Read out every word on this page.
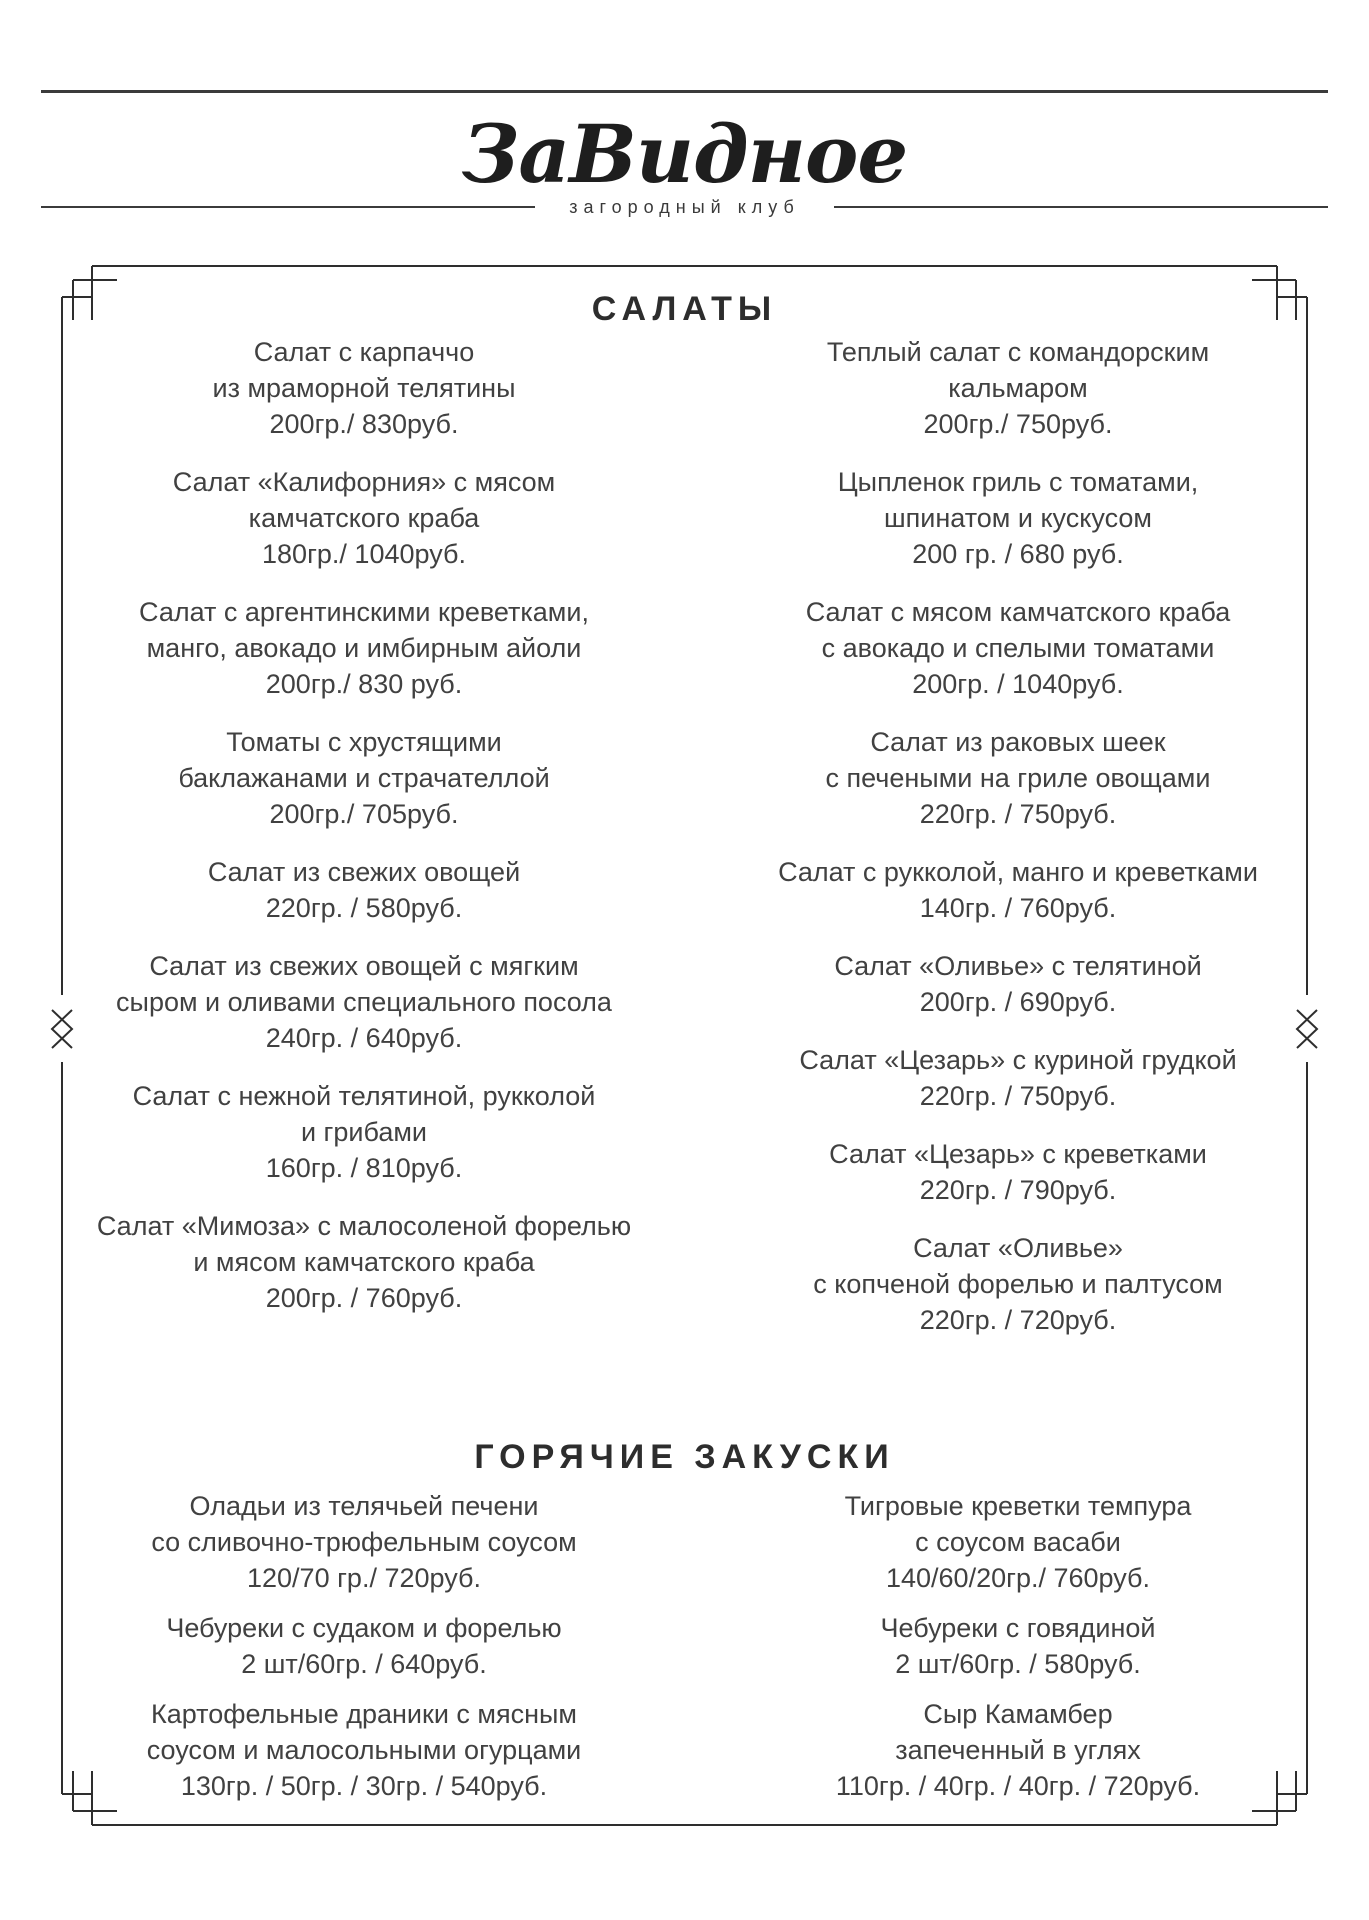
ЗаВидное
загородный клуб
САЛАТЫ
Салат с карпаччо
из мраморной телятины
200гр./ 830руб.
Салат «Калифорния» с мясом
камчатского краба
180гр./ 1040руб.
Салат с аргентинскими креветками,
манго, авокадо и имбирным айоли
200гр./ 830 руб.
Томаты с хрустящими
баклажанами и страчателлой
200гр./ 705руб.
Салат из свежих овощей
220гр. / 580руб.
Салат из свежих овощей с мягким
сыром и оливами специального посола
240гр. / 640руб.
Салат с нежной телятиной, рукколой
и грибами
160гр. / 810руб.
Салат «Мимоза» с малосоленой форелью
и мясом камчатского краба
200гр. / 760руб.
Теплый салат с командорским
кальмаром
200гр./ 750руб.
Цыпленок гриль с томатами,
шпинатом и кускусом
200 гр. / 680 руб.
Салат с мясом камчатского краба
с авокадо и спелыми томатами
200гр. / 1040руб.
Салат из раковых шеек
с печеными на гриле овощами
220гр. / 750руб.
Салат с рукколой, манго и креветками
140гр. / 760руб.
Салат «Оливье» с телятиной
200гр. / 690руб.
Салат «Цезарь» с куриной грудкой
220гр. / 750руб.
Салат «Цезарь» с креветками
220гр. / 790руб.
Салат «Оливье»
с копченой форелью и палтусом
220гр. / 720руб.
ГОРЯЧИЕ ЗАКУСКИ
Оладьи из телячьей печени
со сливочно-трюфельным соусом
120/70 гр./ 720руб.
Чебуреки с судаком и форелью
2 шт/60гр. / 640руб.
Картофельные драники с мясным
соусом и малосольными огурцами
130гр. / 50гр. / 30гр. / 540руб.
Тигровые креветки темпура
с соусом васаби
140/60/20гр./ 760руб.
Чебуреки с говядиной
2 шт/60гр. / 580руб.
Сыр Камамбер
запеченный в углях
110гр. / 40гр. / 40гр. / 720руб.
